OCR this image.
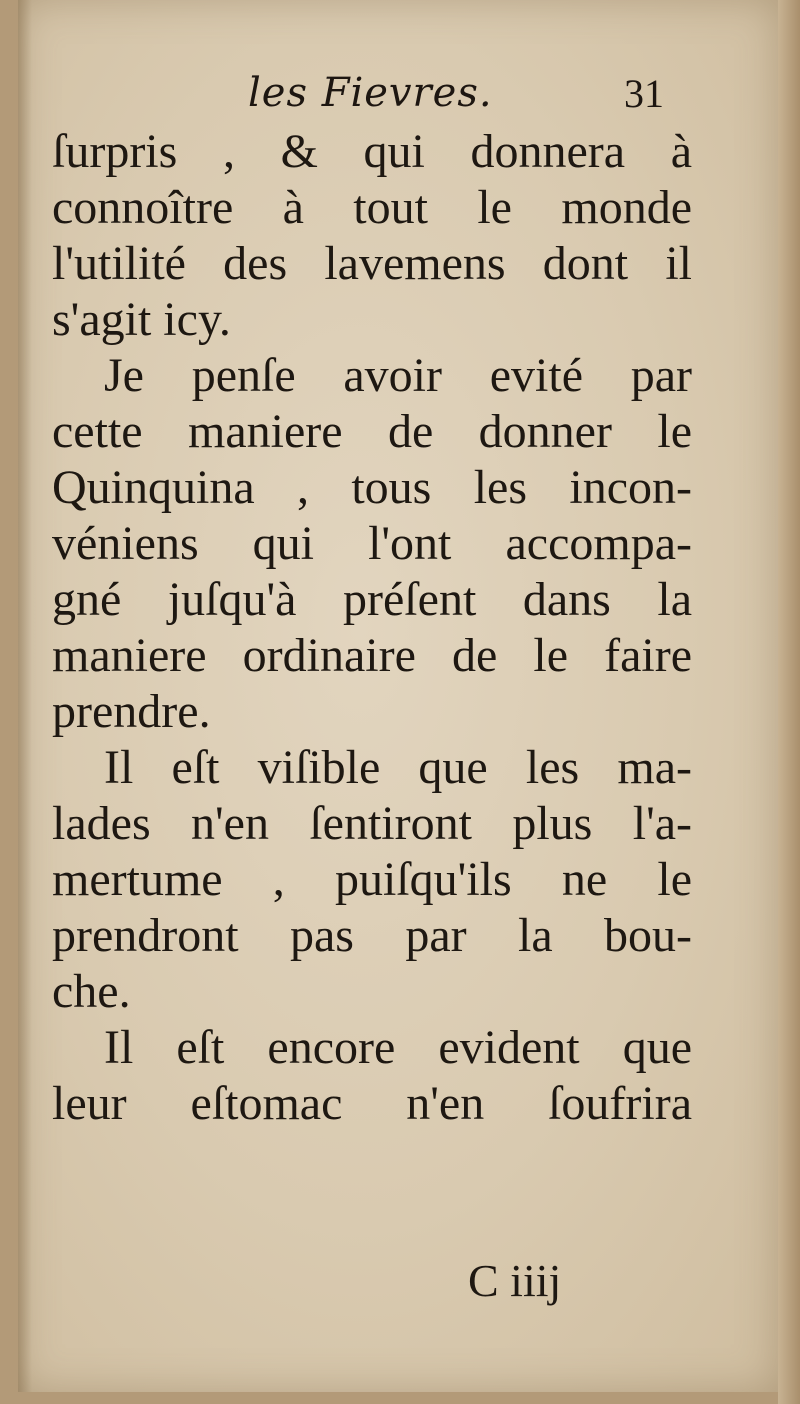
les Fievres.	31
ſurpris , & qui donnera à
connoître à tout le monde
l'utilité des lavemens dont il
s'agit icy.
Je penſe avoir evité par
cette maniere de donner le
Quinquina , tous les incon-
véniens qui l'ont accompa-
gné juſqu'à préſent dans la
maniere ordinaire de le faire
prendre.
Il eſt viſible que les ma-
lades n'en ſentiront plus l'a-
mertume , puiſqu'ils ne le
prendront pas par la bou-
che.
Il eſt encore evident que
leur eſtomac n'en ſoufrira
C iiij
